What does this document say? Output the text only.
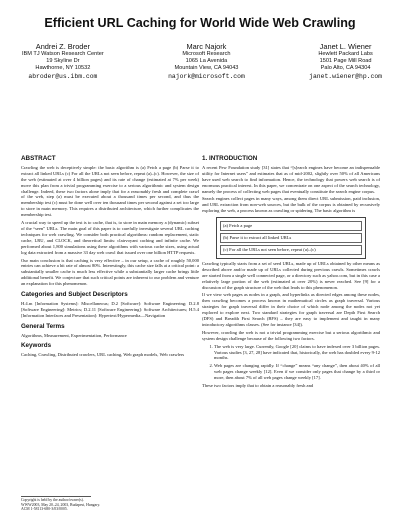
Efficient URL Caching for World Wide Web Crawling
Andrei Z. Broder
IBM TJ Watson Research Center
19 Skyline Dr
Hawthorne, NY 10532
abroder@us.ibm.com
Marc Najork
Microsoft Research
1065 La Avenida
Mountain View, CA 94043
najork@microsoft.com
Janet L. Wiener
Hewlett Packard Labs
1501 Page Mill Road
Palo Alto, CA 94304
janet.wiener@hp.com
ABSTRACT

Crawling the web is deceptively simple: the basic algorithm is (a) Fetch a page (b) Parse it to extract all linked URLs (c) For all the URLs not seen before, repeat (a)–(c). However, the size of the web (estimated at over 4 billion pages) and its rate of change (estimated at 7% per week) move this plan from a trivial programming exercise to a serious algorithmic and system design challenge. Indeed, these two factors alone imply that for a reasonably fresh and complete crawl of the web, step (a) must be executed about a thousand times per second, and thus the membership test (c) must be done well over ten thousand times per second against a set too large to store in main memory. This requires a distributed architecture, which further complicates the membership test.

A crucial way to speed up the test is to cache, that is, to store in main memory a (dynamic) subset of the “seen” URLs. The main goal of this paper is to carefully investigate several URL caching techniques for web crawling. We consider both practical algorithms: random replacement, static cache, LRU, and CLOCK, and theoretical limits: clairvoyant caching and infinite cache. We performed about 1,800 simulations using these algorithms with various cache sizes, using actual log data extracted from a massive 33 day web crawl that issued over one billion HTTP requests.

Our main conclusion is that caching is very effective – in our setup, a cache of roughly 50,000 entries can achieve a hit rate of almost 80%. Interestingly, this cache size falls at a critical point: a substantially smaller cache is much less effective while a substantially larger cache brings little additional benefit. We conjecture that such critical points are inherent to our problem and venture an explanation for this phenomenon.

Categories and Subject Descriptors

H.4.m [Information Systems]: Miscellaneous; D.2 [Software]: Software Engineering; D.2.8 [Software Engineering]: Metrics; D.2.11 [Software Engineering]: Software Architectures; H.5.4 [Information Interfaces and Presentation]: Hypertext/Hypermedia—Navigation

General Terms

Algorithms, Measurement, Experimentation, Performance

Keywords

Caching, Crawling, Distributed crawlers, URL caching, Web graph models, Web crawlers

Copyright is held by the author/owner(s).
WWW2003, May 20–24, 2003, Budapest, Hungary.
ACM 1-58113-680-3/03/0005.
1. INTRODUCTION

A recent Pew Foundation study [31] states that “[s]earch engines have become an indispensable utility for Internet users” and estimates that as of mid-2002, slightly over 50% of all Americans have used web search to find information. Hence, the technology that powers web search is of enormous practical interest. In this paper, we concentrate on one aspect of the search technology, namely the process of collecting web pages that eventually constitute the search engine corpus.

Search engines collect pages in many ways, among them direct URL submission, paid inclusion, and URL extraction from non-web sources, but the bulk of the corpus is obtained by recursively exploring the web, a process known as crawling or spidering. The basic algorithm is

(a) Fetch a page
(b) Parse it to extract all linked URLs
(c) For all the URLs not seen before, repeat (a)–(c)

Crawling typically starts from a set of seed URLs, made up of URLs obtained by other means as described above and/or made up of URLs collected during previous crawls. Sometimes crawls are started from a single well connected page, or a directory such as yahoo.com, but in this case a relatively large portion of the web (estimated at over 20%) is never reached. See [9] for a discussion of the graph structure of the web that leads to this phenomenon.

If we view web pages as nodes in a graph, and hyperlinks as directed edges among these nodes, then crawling becomes a process known in mathematical circles as graph traversal. Various strategies for graph traversal differ in their choice of which node among the nodes not yet explored to explore next. Two standard strategies for graph traversal are Depth First Search (DFS) and Breadth First Search (BFS) – they are easy to implement and taught in many introductory algorithms classes. (See for instance [34]).

However, crawling the web is not a trivial programming exercise but a serious algorithmic and system design challenge because of the following two factors.

1. The web is very large. Currently, Google [20] claims to have indexed over 3 billion pages. Various studies [3, 27, 28] have indicated that, historically, the web has doubled every 9-12 months.
2. Web pages are changing rapidly. If “change” means “any change”, then about 40% of all web pages change weekly [12]. Even if we consider only pages that change by a third or more, then about 7% of all web pages change weekly [17].

These two factors imply that to obtain a reasonably fresh and
